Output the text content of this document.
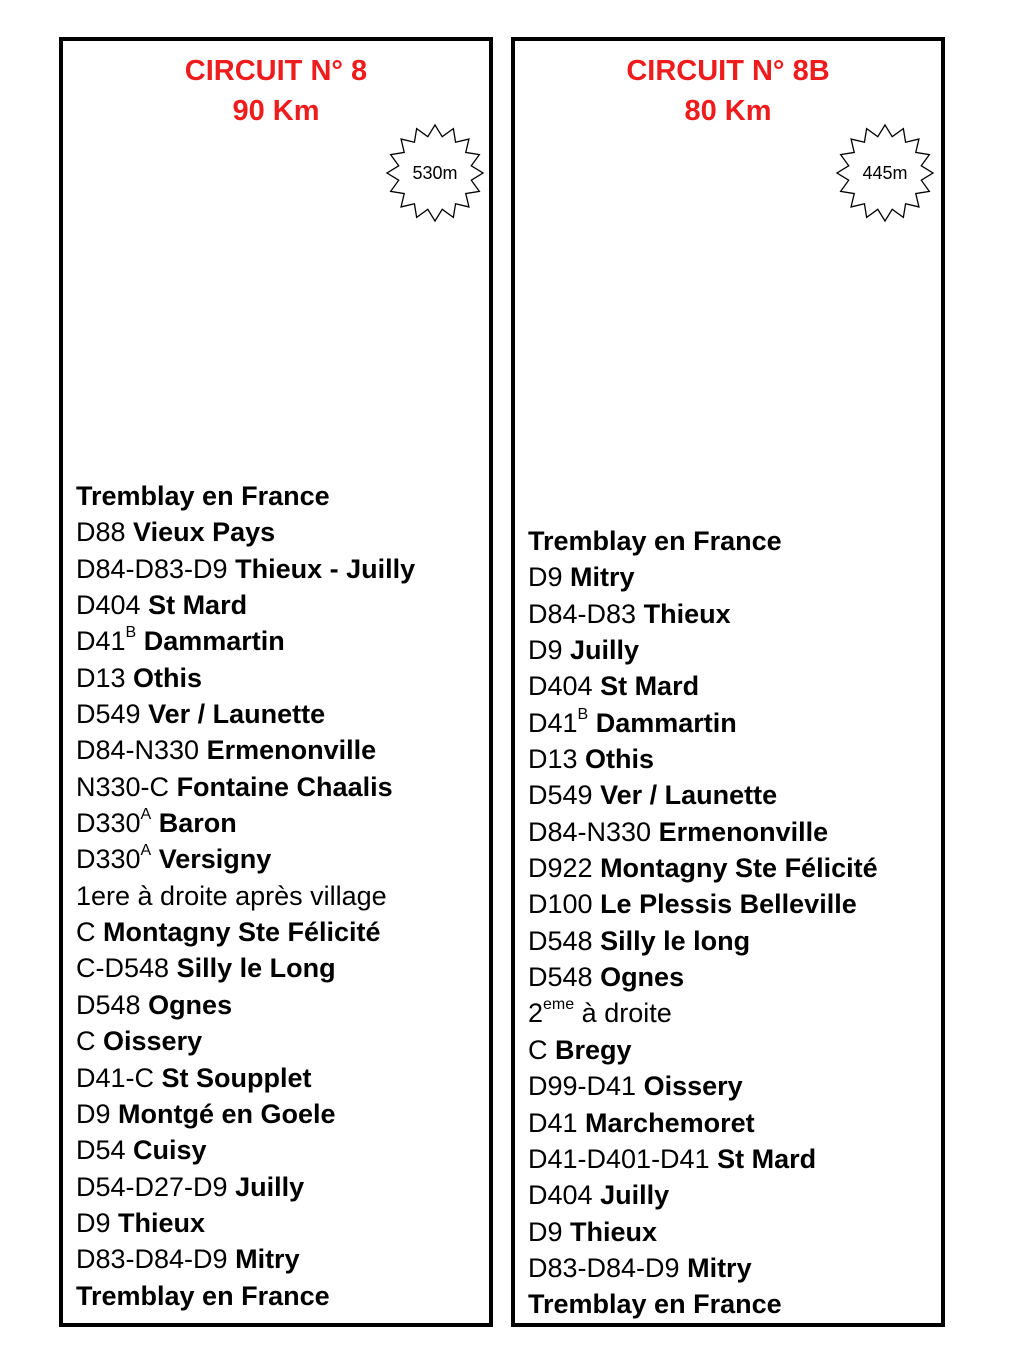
CIRCUIT N° 8
90 Km
530m
Tremblay en France
D88 Vieux Pays
D84-D83-D9 Thieux - Juilly
D404 St Mard
$D41^B$ Dammartin
D13 Othis
D549 Ver / Launette
D84-N330 Ermenonville
N330-C Fontaine Chaalis
$D330^A$ Baron
$D330^A$ Versigny
1ere à droite après village
C Montagny Ste Félicité
C-D548 Silly le Long
D548 Ognes
C Oissery
D41-C St Soupplet
D9 Montgé en Goele
D54 Cuisy
D54-D27-D9 Juilly
D9 Thieux
D83-D84-D9 Mitry
Tremblay en France
CIRCUIT N° 8B
80 Km
445m
Tremblay en France
D9 Mitry
D84-D83 Thieux
D9 Juilly
D404 St Mard
$D41^B$ Dammartin
D13 Othis
D549 Ver / Launette
D84-N330 Ermenonville
D922 Montagny Ste Félicité
D100 Le Plessis Belleville
D548 Silly le long
D548 Ognes
2eme à droite
C Bregy
D99-D41 Oissery
D41 Marchemoret
D41-D401-D41 St Mard
D404 Juilly
D9 Thieux
D83-D84-D9 Mitry
Tremblay en France
